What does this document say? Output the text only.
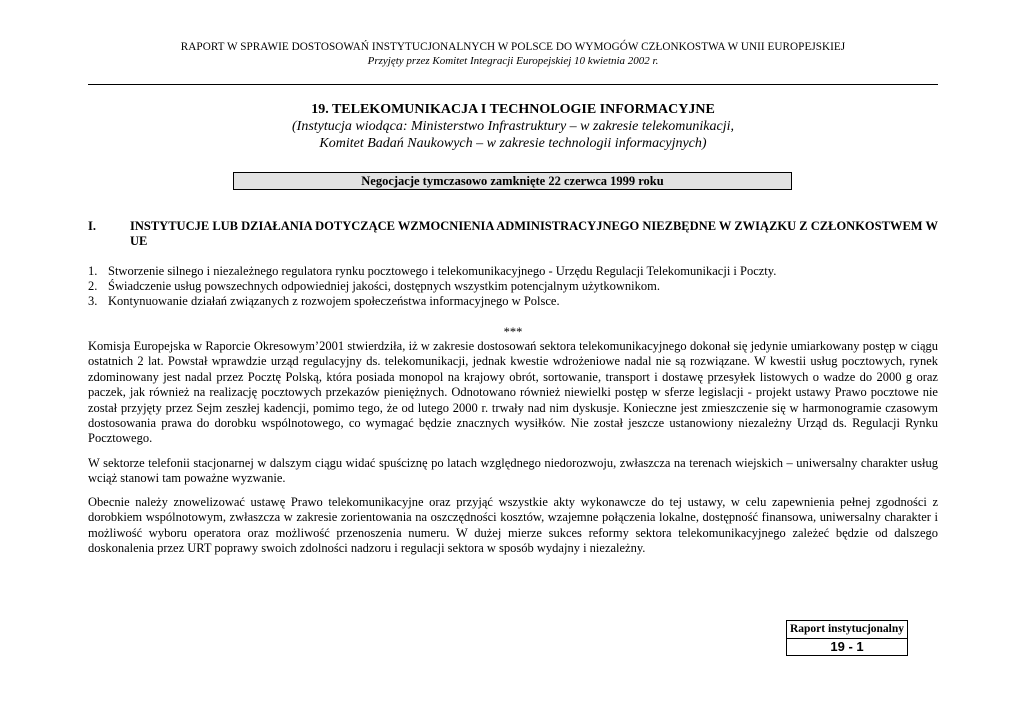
RAPORT W SPRAWIE DOSTOSOWAŃ INSTYTUCJONALNYCH W POLSCE DO WYMOGÓW CZŁONKOSTWA W UNII EUROPEJSKIEJ
Przyjęty przez Komitet Integracji Europejskiej 10 kwietnia 2002 r.
19. TELEKOMUNIKACJA I TECHNOLOGIE INFORMACYJNE
(Instytucja wiodąca: Ministerstwo Infrastruktury – w zakresie telekomunikacji,
Komitet Badań Naukowych – w zakresie technologii informacyjnych)
Negocjacje tymczasowo zamknięte 22 czerwca 1999 roku
I.	INSTYTUCJE LUB DZIAŁANIA DOTYCZĄCE WZMOCNIENIA ADMINISTRACYJNEGO NIEZBĘDNE W ZWIĄZKU Z CZŁONKOSTWEM W UE
1. Stworzenie silnego i niezależnego regulatora rynku pocztowego i telekomunikacyjnego - Urzędu Regulacji Telekomunikacji i Poczty.
2. Świadczenie usług powszechnych odpowiedniej jakości, dostępnych wszystkim potencjalnym użytkownikom.
3. Kontynuowanie działań związanych z rozwojem społeczeństwa informacyjnego w Polsce.
***
Komisja Europejska w Raporcie Okresowym’2001 stwierdziła, iż w zakresie dostosowań sektora telekomunikacyjnego dokonał się jedynie umiarkowany postęp w ciągu ostatnich 2 lat. Powstał wprawdzie urząd regulacyjny ds. telekomunikacji, jednak kwestie wdrożeniowe nadal nie są rozwiązane. W kwestii usług pocztowych, rynek zdominowany jest nadal przez Pocztę Polską, która posiada monopol na krajowy obrót, sortowanie, transport i dostawę przesyłek listowych o wadze do 2000 g oraz paczek, jak również na realizację pocztowych przekazów pieniężnych. Odnotowano również niewielki postęp w sferze legislacji - projekt ustawy Prawo pocztowe nie został przyjęty przez Sejm zeszłej kadencji, pomimo tego, że od lutego 2000 r. trwały nad nim dyskusje. Konieczne jest zmieszczenie się w harmonogramie czasowym dostosowania prawa do dorobku wspólnotowego, co wymagać będzie znacznych wysiłków. Nie został jeszcze ustanowiony niezależny Urząd ds. Regulacji Rynku Pocztowego.
W sektorze telefonii stacjonarnej w dalszym ciągu widać spuściznę po latach względnego niedorozwoju, zwłaszcza na terenach wiejskich – uniwersalny charakter usług wciąż stanowi tam poważne wyzwanie.
Obecnie należy znowelizować ustawę Prawo telekomunikacyjne oraz przyjąć wszystkie akty wykonawcze do tej ustawy, w celu zapewnienia pełnej zgodności z dorobkiem wspólnotowym, zwłaszcza w zakresie zorientowania na oszczędności kosztów, wzajemne połączenia lokalne, dostępność finansowa, uniwersalny charakter i możliwość wyboru operatora oraz możliwość przenoszenia numeru. W dużej mierze sukces reformy sektora telekomunikacyjnego zależeć będzie od dalszego doskonalenia przez URT poprawy swoich zdolności nadzoru i regulacji sektora w sposób wydajny i niezależny.
Raport instytucjonalny
19 - 1
